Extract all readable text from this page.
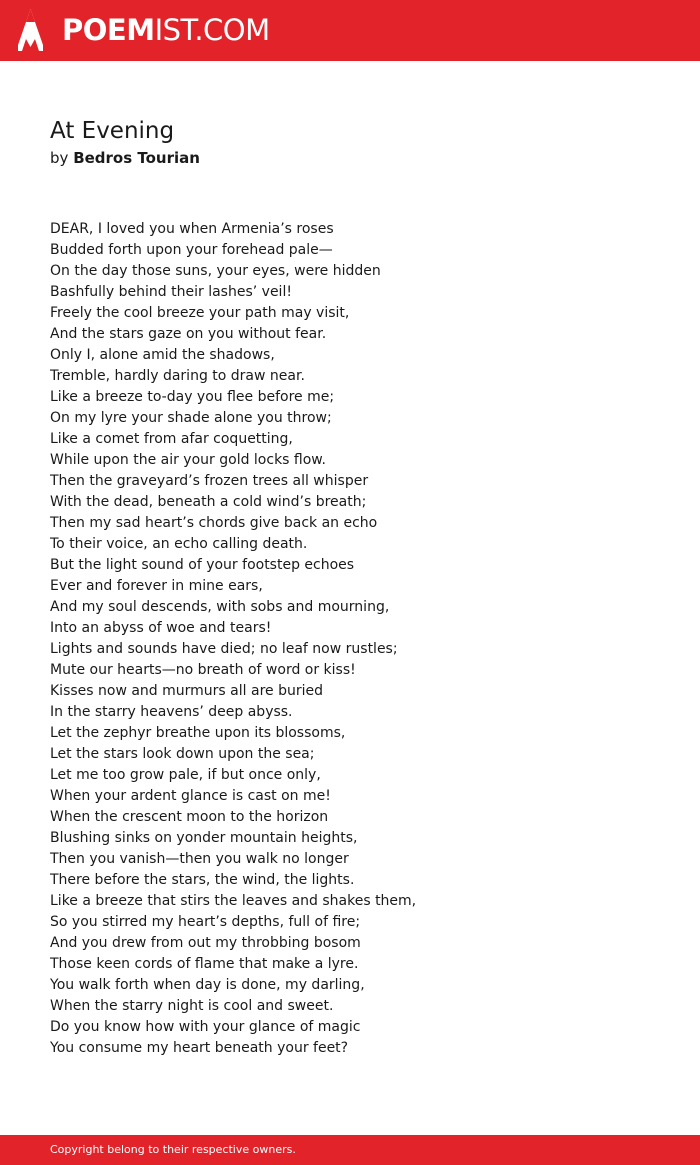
POEMIST.COM
At Evening
by Bedros Tourian
DEAR, I loved you when Armenia’s roses
Budded forth upon your forehead pale—
On the day those suns, your eyes, were hidden
Bashfully behind their lashes’ veil!
Freely the cool breeze your path may visit,
And the stars gaze on you without fear.
Only I, alone amid the shadows,
Tremble, hardly daring to draw near.
Like a breeze to-day you flee before me;
On my lyre your shade alone you throw;
Like a comet from afar coquetting,
While upon the air your gold locks flow.
Then the graveyard’s frozen trees all whisper
With the dead, beneath a cold wind’s breath;
Then my sad heart’s chords give back an echo
To their voice, an echo calling death.
But the light sound of your footstep echoes
Ever and forever in mine ears,
And my soul descends, with sobs and mourning,
Into an abyss of woe and tears!
Lights and sounds have died; no leaf now rustles;
Mute our hearts—no breath of word or kiss!
Kisses now and murmurs all are buried
In the starry heavens’ deep abyss.
Let the zephyr breathe upon its blossoms,
Let the stars look down upon the sea;
Let me too grow pale, if but once only,
When your ardent glance is cast on me!
When the crescent moon to the horizon
Blushing sinks on yonder mountain heights,
Then you vanish—then you walk no longer
There before the stars, the wind, the lights.
Like a breeze that stirs the leaves and shakes them,
So you stirred my heart’s depths, full of fire;
And you drew from out my throbbing bosom
Those keen cords of flame that make a lyre.
You walk forth when day is done, my darling,
When the starry night is cool and sweet.
Do you know how with your glance of magic
You consume my heart beneath your feet?
Copyright belong to their respective owners.
